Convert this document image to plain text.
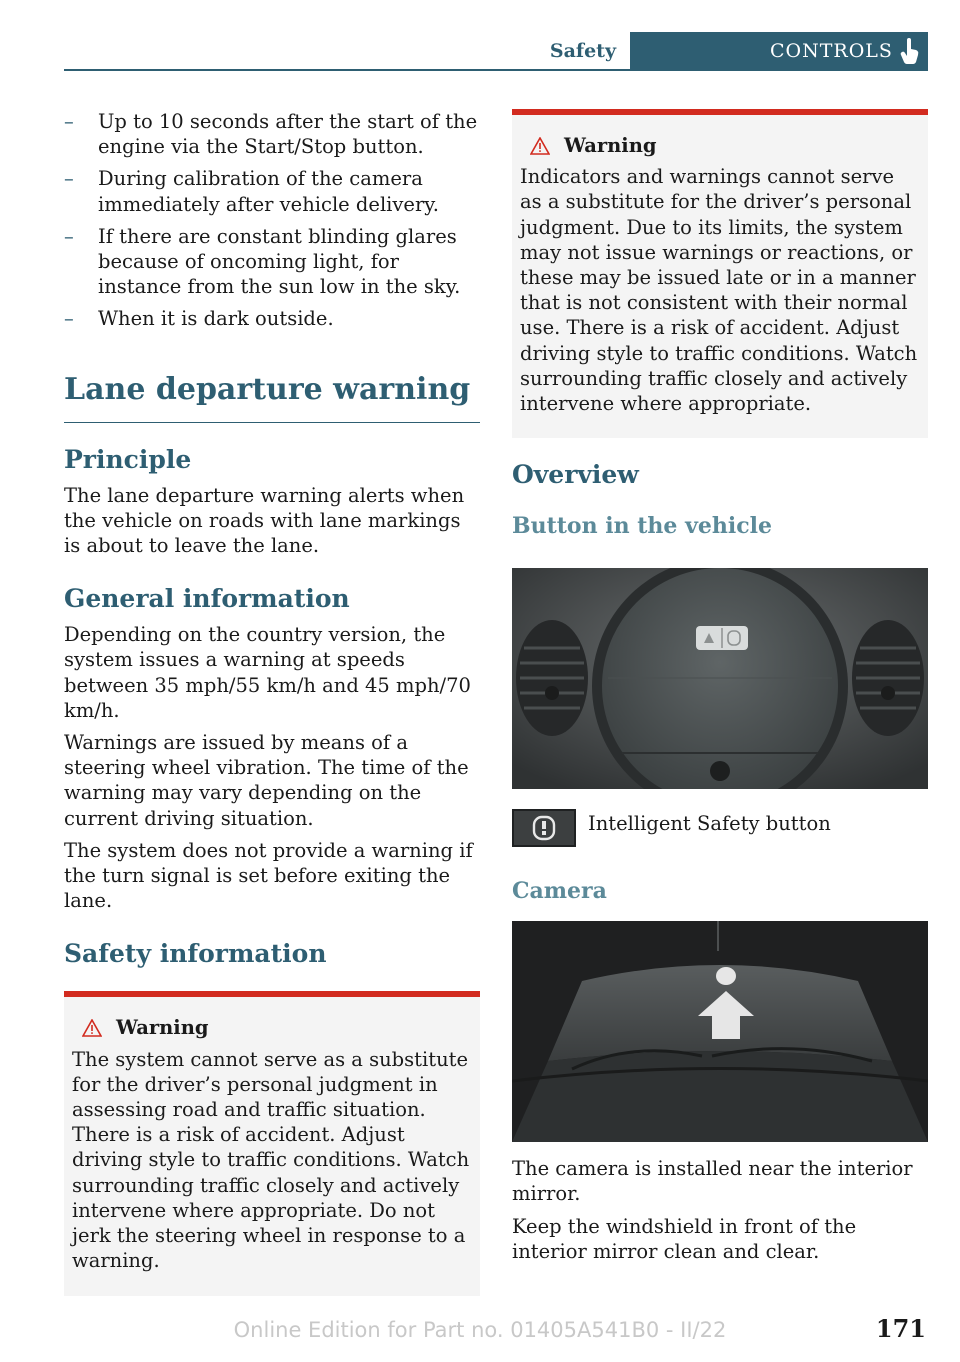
Safety	CONTROLS
– Up to 10 seconds after the start of the engine via the Start/Stop button.
– During calibration of the camera immediately after vehicle delivery.
– If there are constant blinding glares because of oncoming light, for instance from the sun low in the sky.
– When it is dark outside.
Lane departure warning
Principle

The lane departure warning alerts when the vehicle on roads with lane markings is about to leave the lane.

General information

Depending on the country version, the system issues a warning at speeds between 35 mph/55 km/h and 45 mph/70 km/h.

Warnings are issued by means of a steering wheel vibration. The time of the warning may vary depending on the current driving situation.

The system does not provide a warning if the turn signal is set before exiting the lane.

Safety information
Warning

The system cannot serve as a substitute for the driver’s personal judgment in assessing road and traffic situation. There is a risk of accident. Adjust driving style to traffic conditions. Watch surrounding traffic closely and actively intervene where appropriate. Do not jerk the steering wheel in response to a warning.

Warning

Indicators and warnings cannot serve as a substitute for the driver’s personal judgment. Due to its limits, the system may not issue warnings or reactions, or these may be issued late or in a manner that is not consistent with their normal use. There is a risk of accident. Adjust driving style to traffic conditions. Watch surrounding traffic closely and actively intervene where appropriate.

Overview
Button in the vehicle
Intelligent Safety button
Camera

The camera is installed near the interior mirror.

Keep the windshield in front of the interior mirror clean and clear.

171
Online Edition for Part no. 01405A541B0 - II/22
